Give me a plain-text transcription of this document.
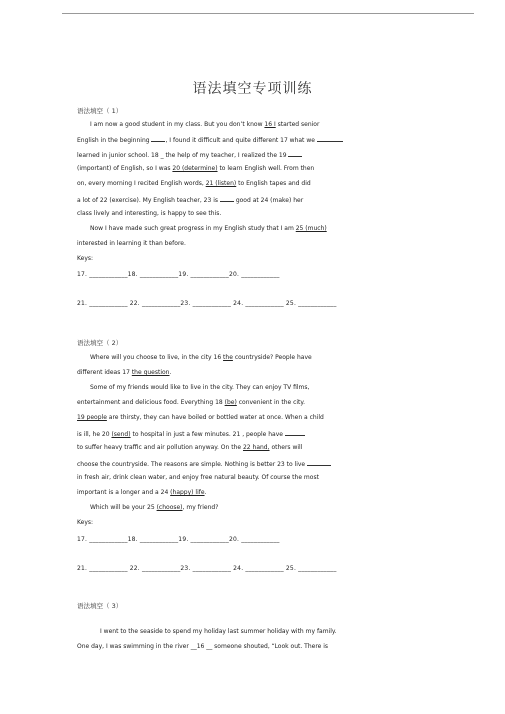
语法填空专项训练
语法填空（ 1）
I am now a good student in my class. But you don’t know 16 I started senior
English in the beginning , I found it difficult and quite different 17 what we
learned in junior school. 18 _ the help of my teacher, I realized the 19
(important) of English, so I was 20 (determine) to learn English well. From then
on, every morning I recited English words, 21 (listen) to English tapes and did
a lot of 22 (exercise). My English teacher, 23 is  good at 24 (make) her
class lively and interesting, is happy to see this.
Now I have made such great progress in my English study that I am 25 (much)
interested in learning it than before.
Keys:
17. ____________18. ____________19. ____________20. ____________
21. ____________ 22. ____________23. ____________ 24. ____________ 25. ____________
语法填空（ 2）
Where will you choose to live, in the city 16 the countryside? People have
different ideas 17 the question.
Some of my friends would like to live in the city. They can enjoy TV films,
entertainment and delicious food. Everything 18 (be) convenient in the city.
19 people are thirsty, they can have boiled or bottled water at once. When a child
is ill, he 20 (send) to hospital in just a few minutes. 21 , people have
to suffer heavy traffic and air pollution anyway. On the 22 hand, others will
choose the countryside. The reasons are simple. Nothing is better 23 to live
in fresh air, drink clean water, and enjoy free natural beauty. Of course the most
important is a longer and a 24 (happy) life.
Which will be your 25 (choose), my friend?
Keys:
17. ____________18. ____________19. ____________20. ____________
21. ____________ 22. ____________23. ____________ 24. ____________ 25. ____________
语法填空（ 3）
I went to the seaside to spend my holiday last summer holiday with my family.
One day, I was swimming in the river __16 __ someone shouted, “Look out. There is
